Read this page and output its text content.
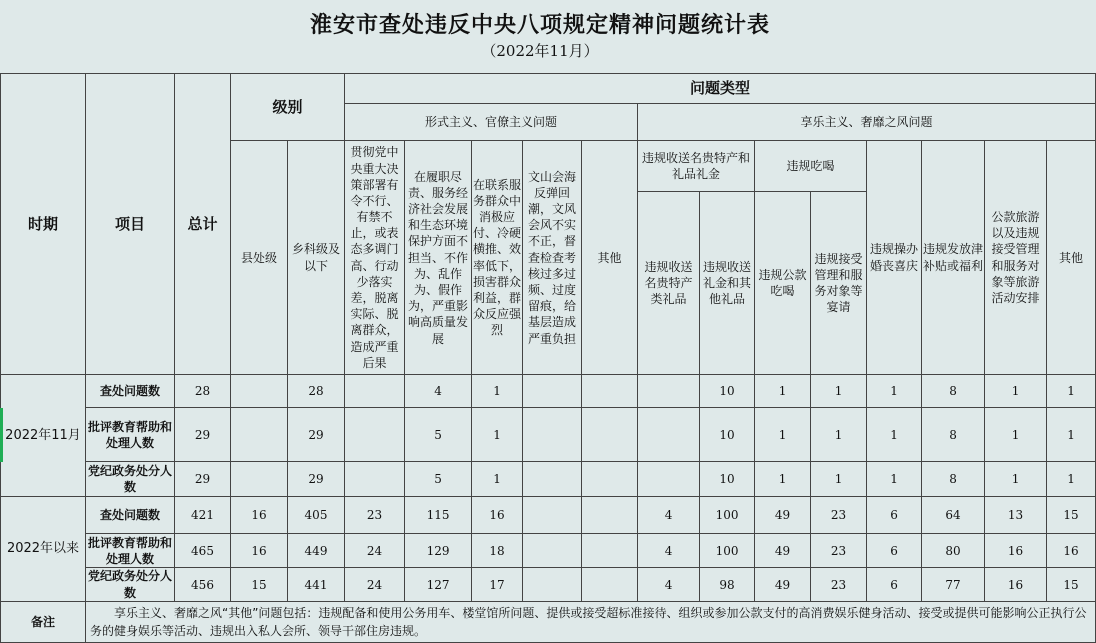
淮安市查处违反中央八项规定精神问题统计表
（2022年11月）
时期	项目	总计	级别		问题类型												
					形式主义、官僚主义问题					享乐主义、奢靡之风问题							
			县处级	乡科级及以下	贯彻党中央重大决策部署有令不行、有禁不止，或表态多调门高、行动少落实差，脱离实际、脱离群众，造成严重后果	在履职尽责、服务经济社会发展和生态环境保护方面不担当、不作为、乱作为、假作为，严重影响高质量发展	在联系服务群众中消极应付、冷硬横推、效率低下，损害群众利益，群众反应强烈	文山会海反弹回潮，文风会风不实不正，督查检查考核过多过频、过度留痕，给基层造成严重负担	其他	违规收送名贵特产和礼品礼金		违规吃喝		违规操办婚丧喜庆	违规发放津补贴或福利	公款旅游以及违规接受管理和服务对象等旅游活动安排	其他
										违规收送名贵特产类礼品	违规收送礼金和其他礼品	违规公款吃喝	违规接受管理和服务对象等宴请				
2022年11月	查处问题数	28		28		4	1				10	1	1	1	8	1	1
	批评教育帮助和处理人数	29		29		5	1				10	1	1	1	8	1	1
	党纪政务处分人数	29		29		5	1				10	1	1	1	8	1	1
2022年以来	查处问题数	421	16	405	23	115	16			4	100	49	23	6	64	13	15
	批评教育帮助和处理人数	465	16	449	24	129	18			4	100	49	23	6	80	16	16
	党纪政务处分人数	456	15	441	24	127	17			4	98	49	23	6	77	16	15
备注	享乐主义、奢靡之风“其他”问题包括：违规配备和使用公务用车、楼堂馆所问题、提供或接受超标准接待、组织或参加公款支付的高消费娱乐健身活动、接受或提供可能影响公正执行公务的健身娱乐等活动、违规出入私人会所、领导干部住房违规。																
